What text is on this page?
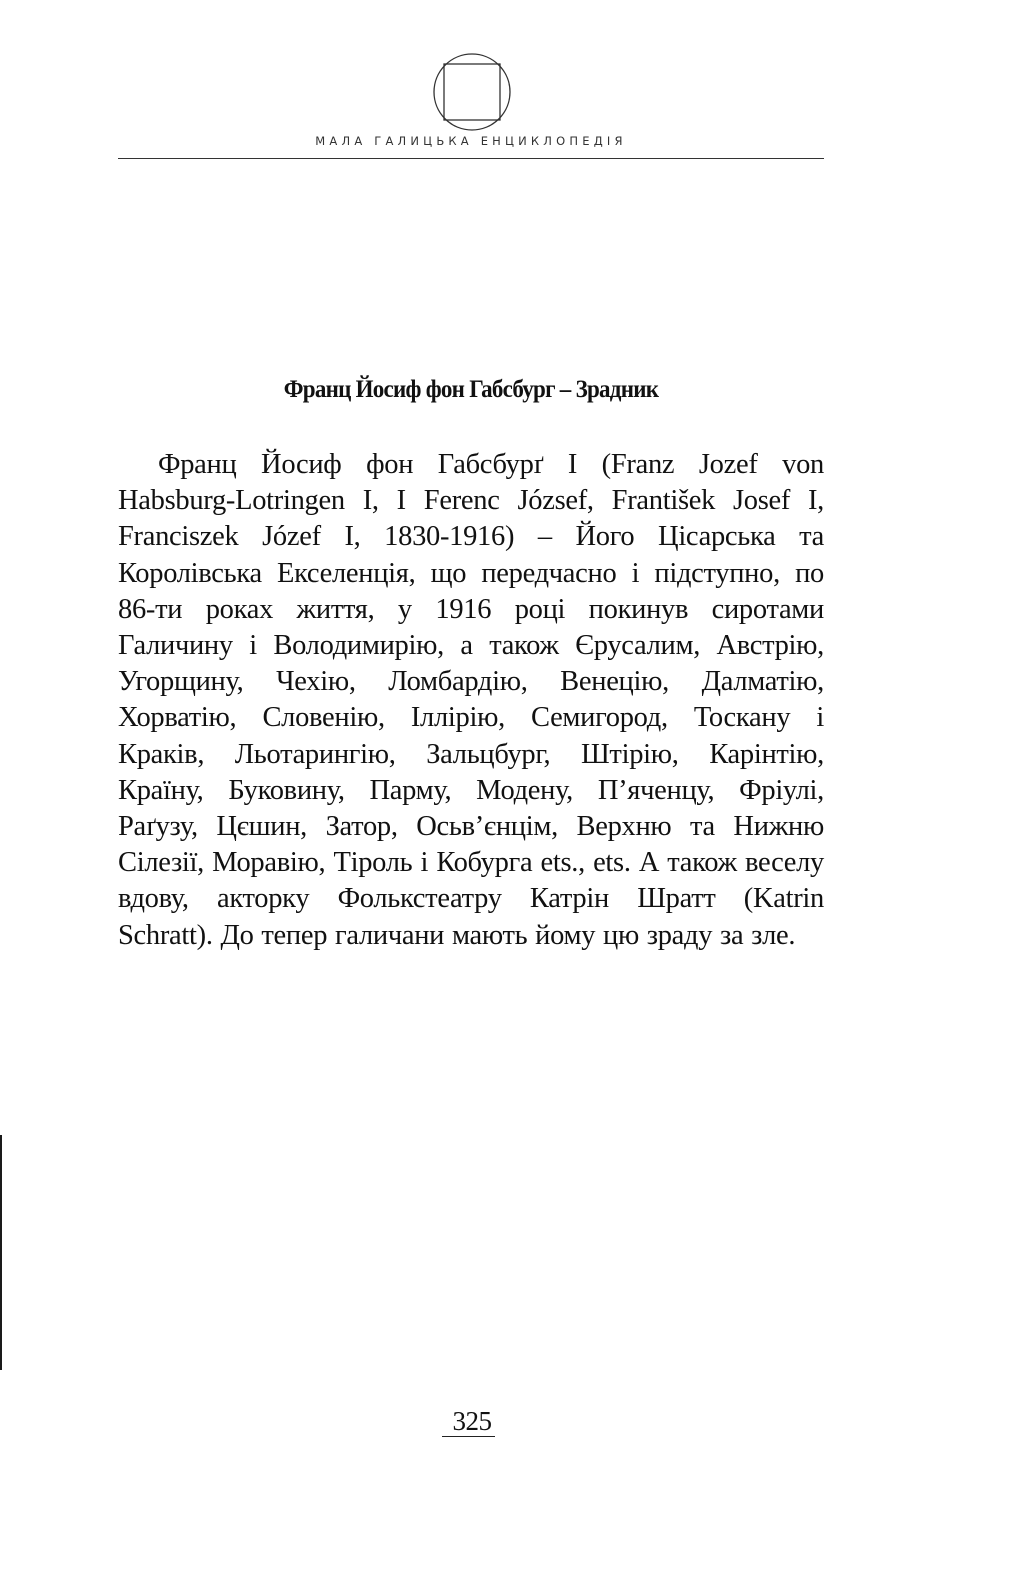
МАЛА ГАЛИЦЬКА ЕНЦИКЛОПЕДІЯ
Франц Йосиф фон Габсбург – Зрадник

Франц Йосиф фон Габсбурґ I (Franz Jozef von Habsburg-Lotringen I, I Ferenc József, František Josef I, Franciszek Józef I, 1830-1916) – Його Цісарська та Королівська Екселенція, що передчасно і підступно, по 86-ти роках життя, у 1916 році покинув сиротами Галичину і Володимирію, а також Єрусалим, Австрію, Угорщину, Чехію, Ломбардію, Венецію, Далматію, Хорватію, Словенію, Іллірію, Семигород, Тоскану і Краків, Льотарингію, Зальцбург, Штірію, Карінтію, Країну, Буковину, Парму, Модену, П’яченцу, Фріулі, Раґузу, Цєшин, Затор, Осьв’єнцім, Верхню та Нижню Сілезії, Моравію, Тіроль і Кобурга ets., ets. А також веселу вдову, акторку Фолькстеатру Катрін Шратт (Katrin Schratt). До тепер галичани мають йому цю зраду за зле.

325
